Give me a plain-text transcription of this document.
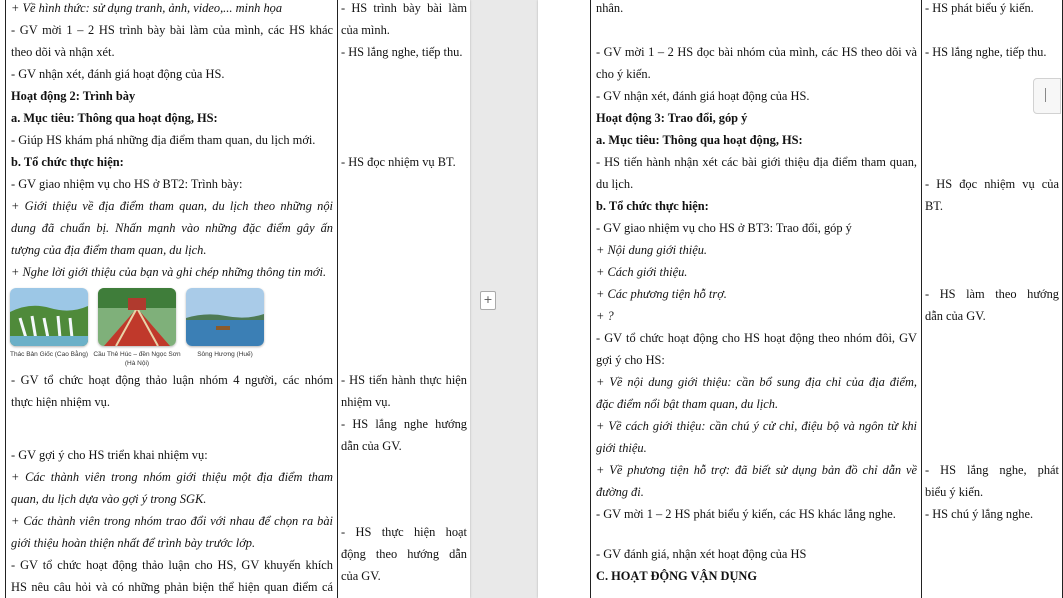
+ Về hình thức: sử dụng tranh, ảnh, video,... minh họa
- GV mời 1 – 2 HS trình bày bài làm của mình, các HS khác
theo dõi và nhận xét.
- GV nhận xét, đánh giá hoạt động của HS.
Hoạt động 2: Trình bày
a. Mục tiêu: Thông qua hoạt động, HS:
- Giúp HS khám phá những địa điểm tham quan, du lịch mới.
b. Tổ chức thực hiện:
- GV giao nhiệm vụ cho HS ở BT2: Trình bày:
+ Giới thiệu về địa điểm tham quan, du lịch theo những nội
dung đã chuẩn bị. Nhấn mạnh vào những đặc điểm gây ấn
tượng của địa điểm tham quan, du lịch.
+ Nghe lời giới thiệu của bạn và ghi chép những thông tin mới.
- GV tổ chức hoạt động thảo luận nhóm 4 người, các nhóm
thực hiện nhiệm vụ.
- GV gợi ý cho HS triển khai nhiệm vụ:
+ Các thành viên trong nhóm giới thiệu một địa điểm tham
quan, du lịch dựa vào gợi ý trong SGK.
+ Các thành viên trong nhóm trao đổi với nhau để chọn ra bài
giới thiệu hoàn thiện nhất để trình bày trước lớp.
- GV tổ chức hoạt động thảo luận cho HS, GV khuyến khích
HS nêu câu hỏi và có những phản biện thể hiện quan điểm cá
- HS trình bày bài làm
của mình.
- HS lắng nghe, tiếp thu.
- HS đọc nhiệm vụ BT.
- HS tiến hành thực hiện
nhiệm vụ.
- HS lắng nghe hướng
dẫn của GV.
- HS thực hiện hoạt
động theo hướng dẫn
của GV.
Thác Bản Giốc (Cao Bằng) Cầu Thê Húc – đền Ngọc Sơn (Hà Nội)
Sông Hương (Huế)
+
nhân.
- GV mời 1 – 2 HS đọc bài nhóm của mình, các HS theo dõi và
cho ý kiến.
- GV nhận xét, đánh giá hoạt động của HS.
Hoạt động 3: Trao đổi, góp ý
a. Mục tiêu: Thông qua hoạt động, HS:
- HS tiến hành nhận xét các bài giới thiệu địa điểm tham quan,
du lịch.
b. Tổ chức thực hiện:
- GV giao nhiệm vụ cho HS ở BT3: Trao đổi, góp ý
+ Nội dung giới thiệu.
+ Cách giới thiệu.
+ Các phương tiện hỗ trợ.
+ ?
- GV tổ chức hoạt động cho HS hoạt động theo nhóm đôi, GV
gợi ý cho HS:
+ Về nội dung giới thiệu: cần bổ sung địa chỉ của địa điểm,
đặc điểm nổi bật tham quan, du lịch.
+ Về cách giới thiệu: cần chú ý cử chỉ, điệu bộ và ngôn từ khi
giới thiệu.
+ Về phương tiện hỗ trợ: đã biết sử dụng bản đồ chỉ dẫn về
đường đi.
- GV mời 1 – 2 HS phát biểu ý kiến, các HS khác lắng nghe.
- GV đánh giá, nhận xét hoạt động của HS
C. HOẠT ĐỘNG VẬN DỤNG
- HS phát biểu ý kiến.
- HS lắng nghe, tiếp thu.
- HS đọc nhiệm vụ của
BT.
- HS làm theo hướng
dẫn của GV.
- HS lắng nghe, phát
biểu ý kiến.
- HS chú ý lắng nghe.
